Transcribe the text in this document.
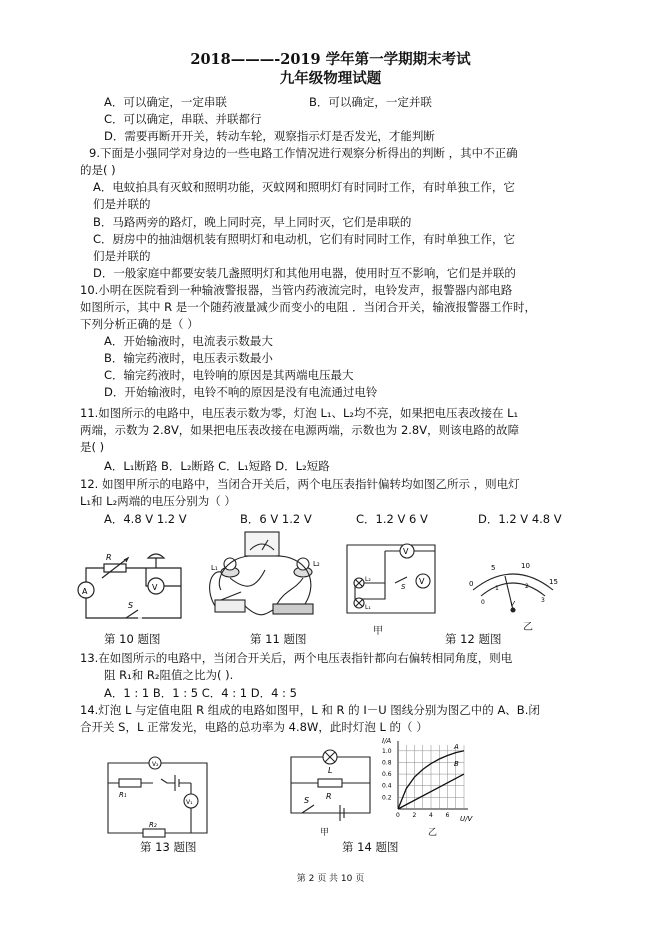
2018———-2019 学年第一学期期末考试
九年级物理试题
A．可以确定，一定串联	B．可以确定，一定并联
C．可以确定，串联、并联都行
D．需要再断开开关，转动车轮，观察指示灯是否发光，才能判断
9.下面是小强同学对身边的一些电路工作情况进行观察分析得出的判断 ，其中不正确
的是( )
A．电蚊拍具有灭蚊和照明功能，灭蚊网和照明灯有时同时工作，有时单独工作，它
们是并联的
B．马路两旁的路灯，晚上同时亮，早上同时灭，它们是串联的
C．厨房中的抽油烟机装有照明灯和电动机，它们有时同时工作，有时单独工作，它
们是并联的
D．一般家庭中都要安装几盏照明灯和其他用电器，使用时互不影响，它们是并联的
10.小明在医院看到一种输液警报器，当管内药液流完时，电铃发声，报警器内部电路
如图所示，其中 R 是一个随药液量减少而变小的电阻 ．当闭合开关，输液报警器工作时，
下列分析正确的是（ ）
A．开始输液时，电流表示数最大
B．输完药液时，电压表示数最小
C．输完药液时，电铃响的原因是其两端电压最大
D．开始输液时，电铃不响的原因是没有电流通过电铃
11.如图所示的电路中，电压表示数为零，灯泡 L₁、L₂均不亮，如果把电压表改接在 L₁
两端，示数为 2.8V，如果把电压表改接在电源两端，示数也为 2.8V，则该电路的故障
是( )
A．L₁断路 B．L₂断路 C．L₁短路 D．L₂短路
12. 如图甲所示的电路中，当闭合开关后，两个电压表指针偏转均如图乙所示 ，则电灯
L₁和 L₂两端的电压分别为（ ）
A．4.8 V 1.2 V	B．6 V 1.2 V	C．1.2 V 6 V	D．1.2 V 4.8 V
A	V
R
S
第 10 题图
L₁	L₂
第 11 题图
V
V
L₂
L₁
S
甲
0
5	10
15
0
1	2
3
V
乙
第 12 题图
13.在如图所示的电路中，当闭合开关后，两个电压表指针都向右偏转相同角度，则电
阻 R₁和 R₂阻值之比为( ).
A．1 : 1 B．1 : 5 C．4 : 1 D．4 : 5
14.灯泡 L 与定值电阻 R 组成的电路如图甲，L 和 R 的 I－U 图线分别为图乙中的 A、B.闭
合开关 S，L 正常发光，电路的总功率为 4.8W，此时灯泡 L 的（ ）
V₂
V₁
R₁
R₂
第 13 题图
L
R
S
甲
0 2 4 6
0.2
0.4
0.6
0.8
1.0
A
B
I/A
U/V
乙
第 14 题图
第 2 页 共 10 页
